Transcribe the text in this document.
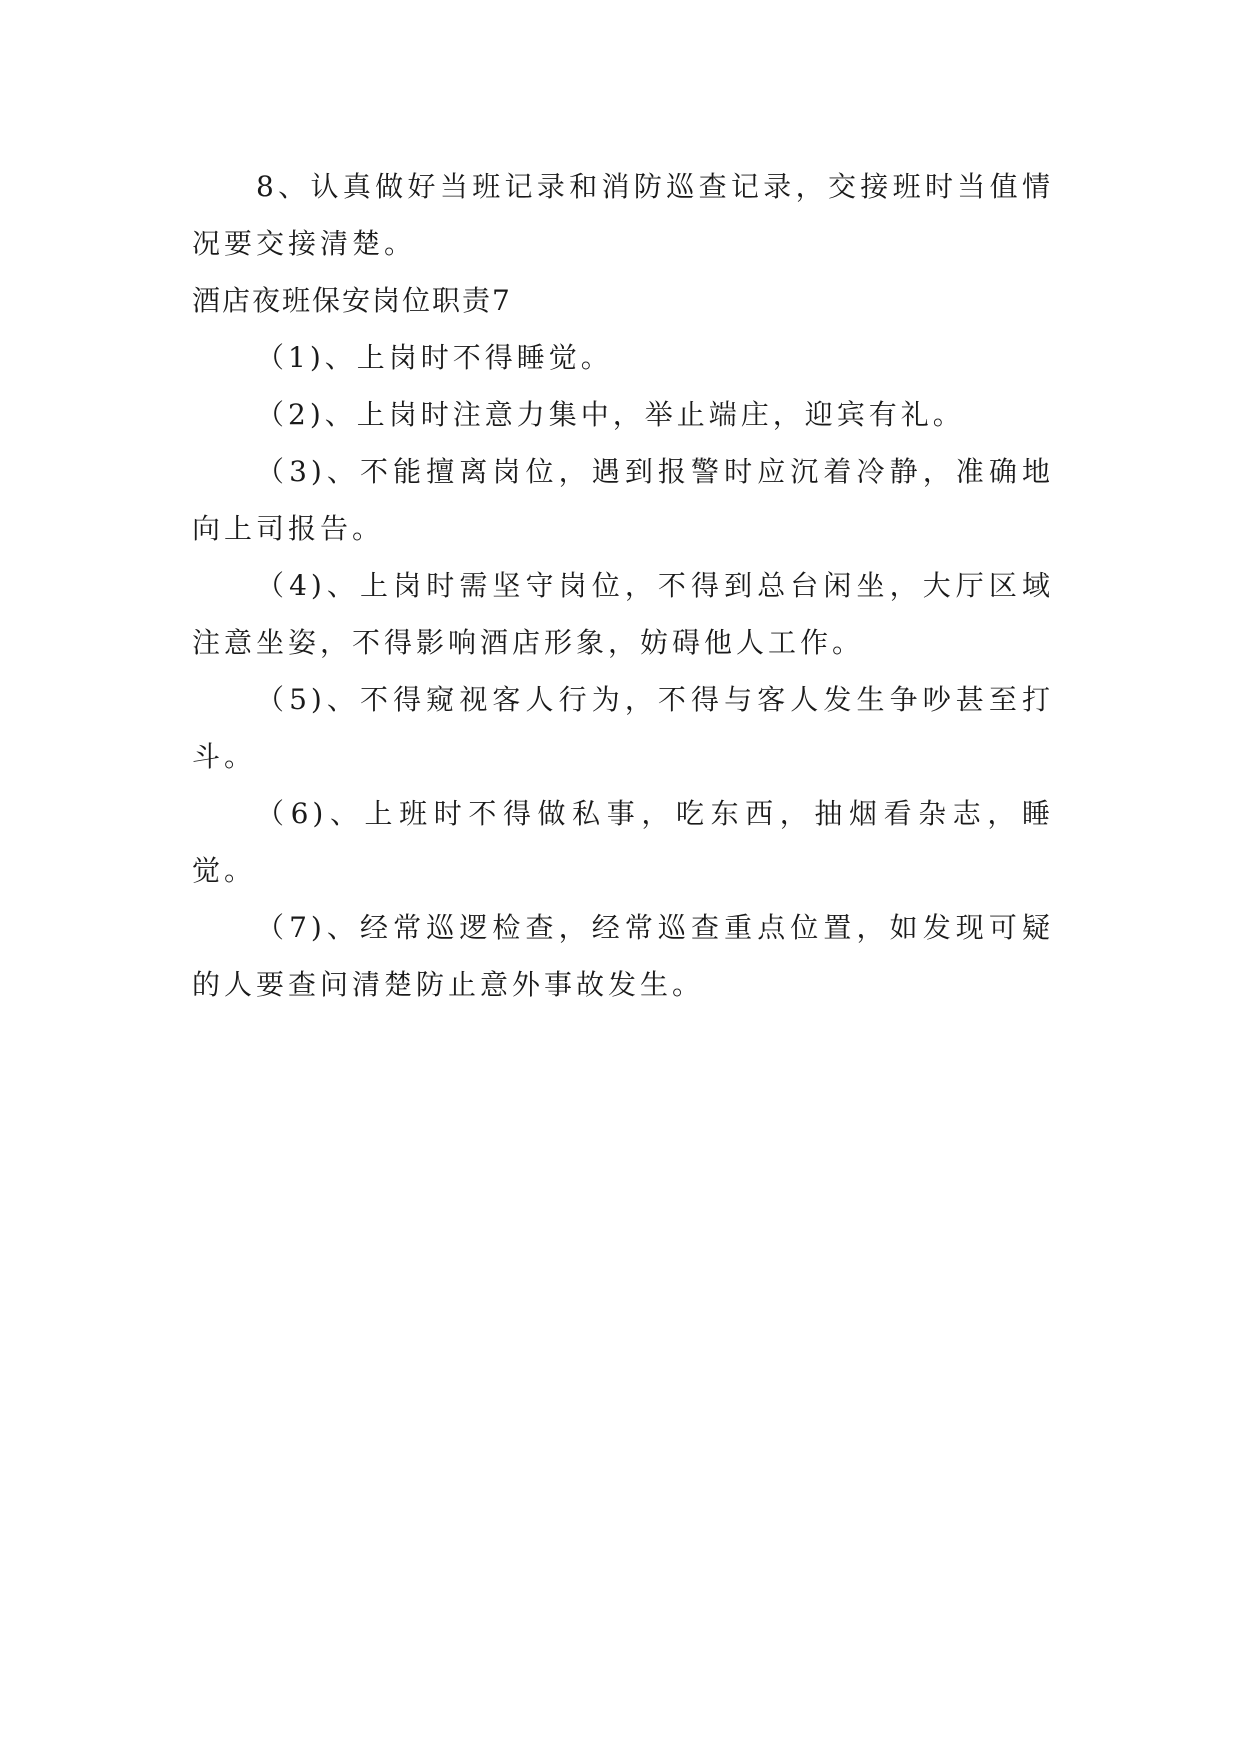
8、认真做好当班记录和消防巡查记录，交接班时当值情况要交接清楚。

酒店夜班保安岗位职责7

（1)、上岗时不得睡觉。

（2)、上岗时注意力集中，举止端庄，迎宾有礼。

（3)、不能擅离岗位，遇到报警时应沉着冷静，准确地向上司报告。

（4)、上岗时需坚守岗位，不得到总台闲坐，大厅区域注意坐姿，不得影响酒店形象，妨碍他人工作。

（5)、不得窥视客人行为，不得与客人发生争吵甚至打斗。

（6)、上班时不得做私事，吃东西，抽烟看杂志，睡觉。

（7)、经常巡逻检查，经常巡查重点位置，如发现可疑的人要查问清楚防止意外事故发生。
